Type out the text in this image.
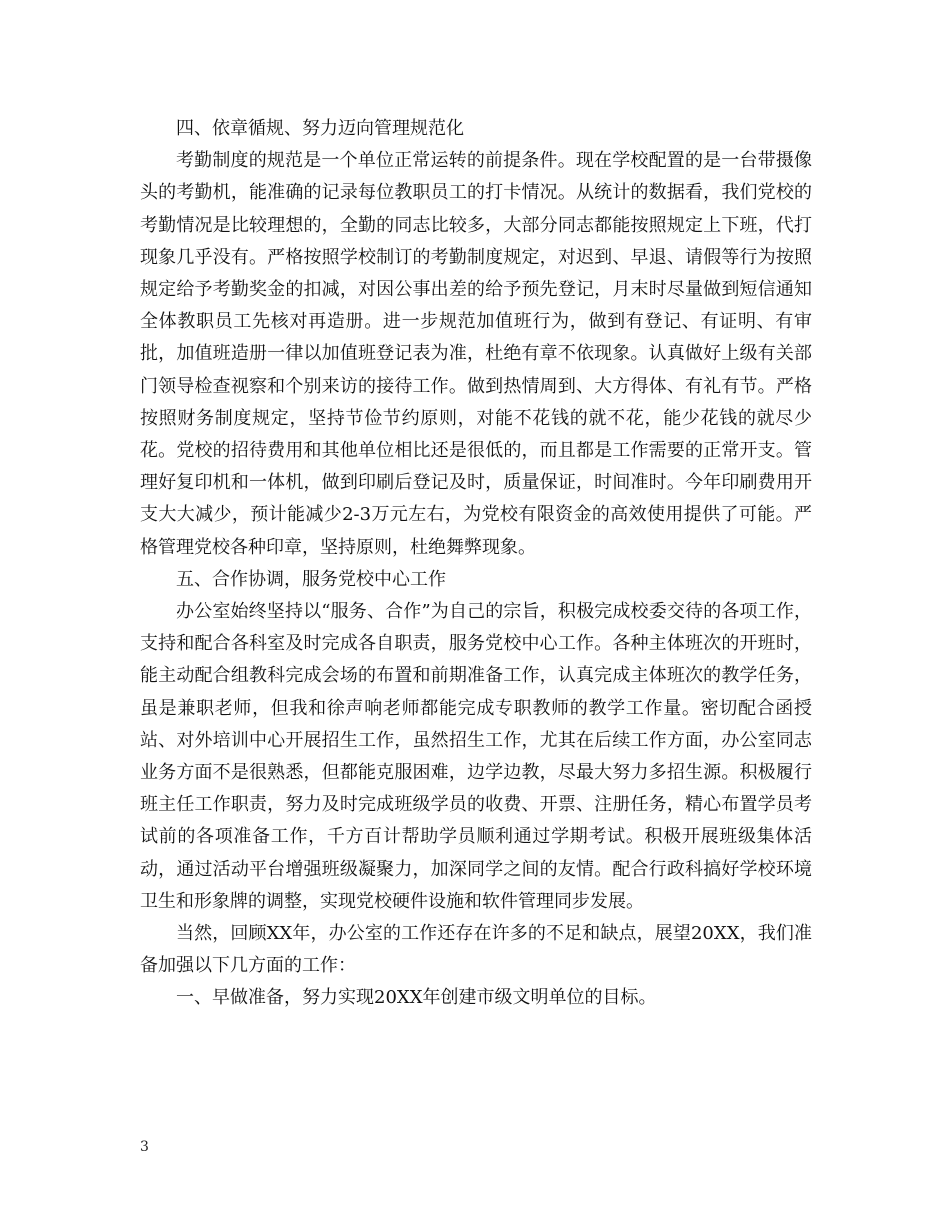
四、依章循规、努力迈向管理规范化

考勤制度的规范是一个单位正常运转的前提条件。现在学校配置的是一台带摄像头的考勤机，能准确的记录每位教职员工的打卡情况。从统计的数据看，我们党校的考勤情况是比较理想的，全勤的同志比较多，大部分同志都能按照规定上下班，代打现象几乎没有。严格按照学校制订的考勤制度规定，对迟到、早退、请假等行为按照规定给予考勤奖金的扣减，对因公事出差的给予预先登记，月末时尽量做到短信通知全体教职员工先核对再造册。进一步规范加值班行为，做到有登记、有证明、有审批，加值班造册一律以加值班登记表为准，杜绝有章不依现象。认真做好上级有关部门领导检查视察和个别来访的接待工作。做到热情周到、大方得体、有礼有节。严格按照财务制度规定，坚持节俭节约原则，对能不花钱的就不花，能少花钱的就尽少花。党校的招待费用和其他单位相比还是很低的，而且都是工作需要的正常开支。管理好复印机和一体机，做到印刷后登记及时，质量保证，时间准时。今年印刷费用开支大大减少，预计能减少2-3万元左右，为党校有限资金的高效使用提供了可能。严格管理党校各种印章，坚持原则，杜绝舞弊现象。

五、合作协调，服务党校中心工作

办公室始终坚持以“服务、合作”为自己的宗旨，积极完成校委交待的各项工作，支持和配合各科室及时完成各自职责，服务党校中心工作。各种主体班次的开班时，能主动配合组教科完成会场的布置和前期准备工作，认真完成主体班次的教学任务，虽是兼职老师，但我和徐声响老师都能完成专职教师的教学工作量。密切配合函授站、对外培训中心开展招生工作，虽然招生工作，尤其在后续工作方面，办公室同志业务方面不是很熟悉，但都能克服困难，边学边教，尽最大努力多招生源。积极履行班主任工作职责，努力及时完成班级学员的收费、开票、注册任务，精心布置学员考试前的各项准备工作，千方百计帮助学员顺利通过学期考试。积极开展班级集体活动，通过活动平台增强班级凝聚力，加深同学之间的友情。配合行政科搞好学校环境卫生和形象牌的调整，实现党校硬件设施和软件管理同步发展。

当然，回顾XX年，办公室的工作还存在许多的不足和缺点，展望20XX，我们准备加强以下几方面的工作：

一、早做准备，努力实现20XX年创建市级文明单位的目标。

3
